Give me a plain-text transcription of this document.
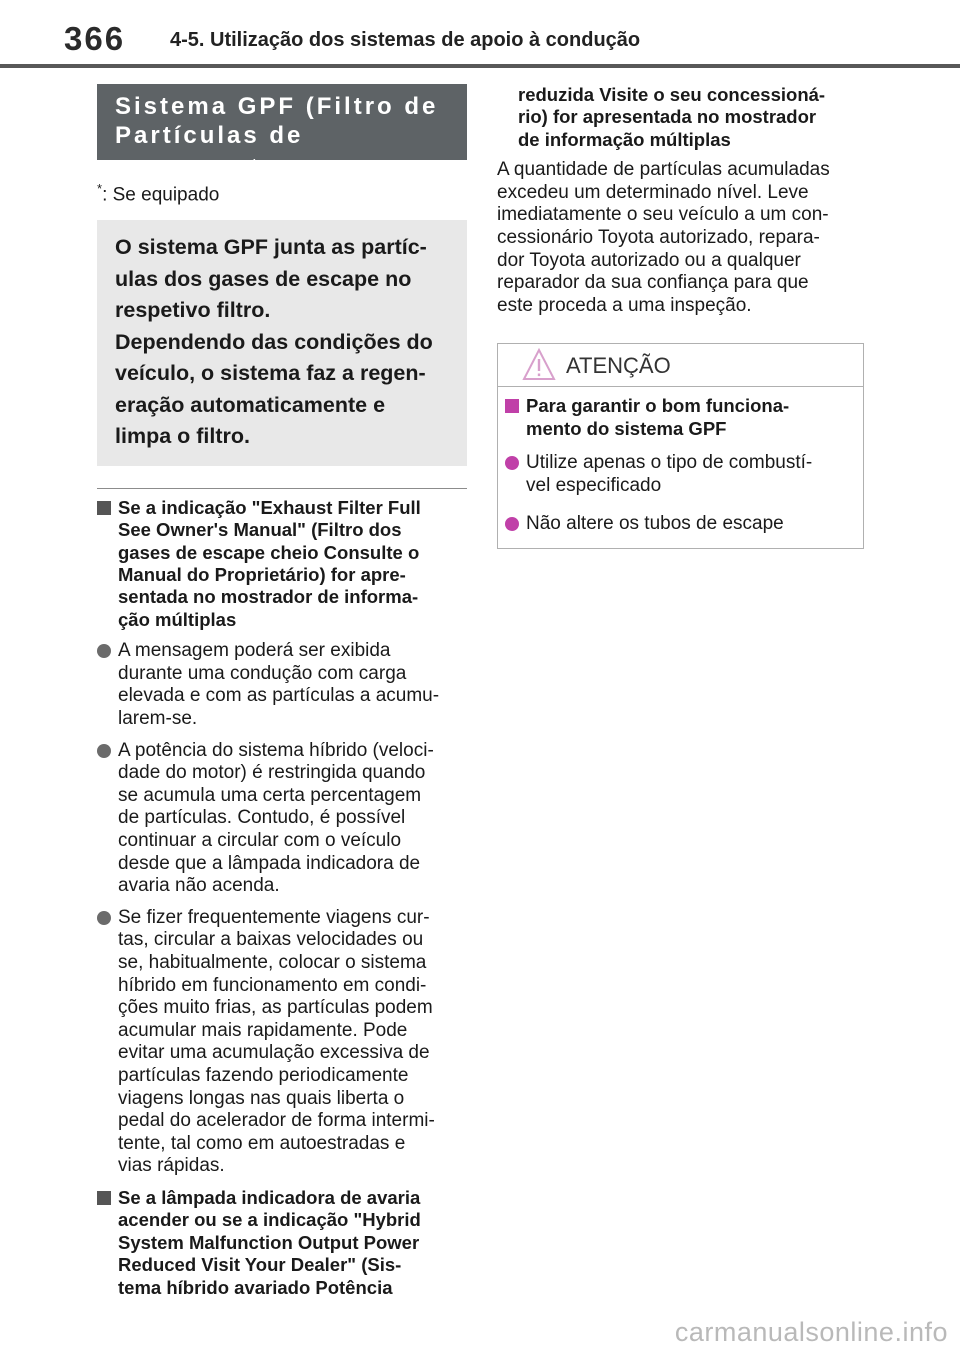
366 4-5. Utilização dos sistemas de apoio à condução
Sistema GPF (Filtro de
Partículas de Gasolina)*
*: Se equipado
O sistema GPF junta as partíc-
ulas dos gases de escape no
respetivo filtro.
Dependendo das condições do
veículo, o sistema faz a regen-
eração automaticamente e
limpa o filtro.
Se a indicação "Exhaust Filter Full
See Owner's Manual" (Filtro dos
gases de escape cheio Consulte o
Manual do Proprietário) for apre-
sentada no mostrador de informa-
ção múltiplas
A mensagem poderá ser exibida
durante uma condução com carga
elevada e com as partículas a acumu-
larem-se.
A potência do sistema híbrido (veloci-
dade do motor) é restringida quando
se acumula uma certa percentagem
de partículas. Contudo, é possível
continuar a circular com o veículo
desde que a lâmpada indicadora de
avaria não acenda.
Se fizer frequentemente viagens cur-
tas, circular a baixas velocidades ou
se, habitualmente, colocar o sistema
híbrido em funcionamento em condi-
ções muito frias, as partículas podem
acumular mais rapidamente. Pode
evitar uma acumulação excessiva de
partículas fazendo periodicamente
viagens longas nas quais liberta o
pedal do acelerador de forma intermi-
tente, tal como em autoestradas e
vias rápidas.
Se a lâmpada indicadora de avaria
acender ou se a indicação "Hybrid
System Malfunction Output Power
Reduced Visit Your Dealer" (Sis-
tema híbrido avariado Potência
reduzida Visite o seu concessioná-
rio) for apresentada no mostrador
de informação múltiplas
A quantidade de partículas acumuladas
excedeu um determinado nível. Leve
imediatamente o seu veículo a um con-
cessionário Toyota autorizado, repara-
dor Toyota autorizado ou a qualquer
reparador da sua confiança para que
este proceda a uma inspeção.
ATENÇÃO
Para garantir o bom funciona-
mento do sistema GPF
Utilize apenas o tipo de combustí-
vel especificado
Não altere os tubos de escape
carmanualsonline.info
